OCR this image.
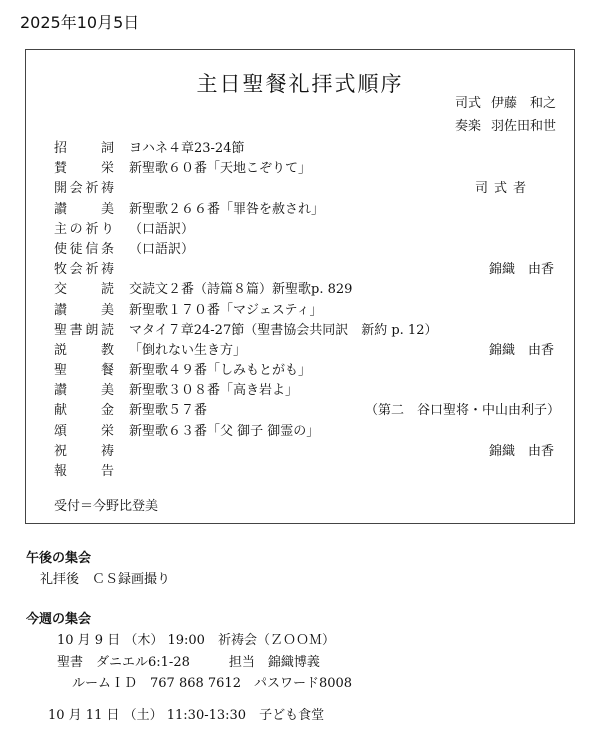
2025年10月5日
主日聖餐礼拝式順序
司式 伊藤　和之
奏楽 羽佐田和世
招　詞 ヨハネ４章23-24節
賛　栄 新聖歌６０番「天地こぞりて」
開会祈祷	司式者
讃　美 新聖歌２６６番「罪咎を赦され」
主の祈り （口語訳）
使徒信条 （口語訳）
牧会祈祷	錦織　由香
交　読 交読文２番（詩篇８篇）新聖歌p. 829
讃　美 新聖歌１７０番「マジェスティ」
聖書朗読 マタイ７章24-27節（聖書協会共同訳　新約 p. 12）
説　教 「倒れない生き方」	錦織　由香
聖　餐 新聖歌４９番「しみもとがも」
讃　美 新聖歌３０８番「高き岩よ」
献　金 新聖歌５７番	（第二　谷口聖将・中山由利子）
頌　栄 新聖歌６３番「父 御子 御霊の」
祝　祷	錦織　由香
報　告
受付＝今野比登美
午後の集会
礼拝後　ＣＳ録画撮り
今週の集会
10 月 9 日 （木） 19:00　祈祷会（ＺＯＯＭ）
聖書　ダニエル6:1-28　　　担当　錦織博義
ルームＩＤ　767 868 7612　パスワード8008
10 月 11 日 （土） 11:30-13:30　子ども食堂
